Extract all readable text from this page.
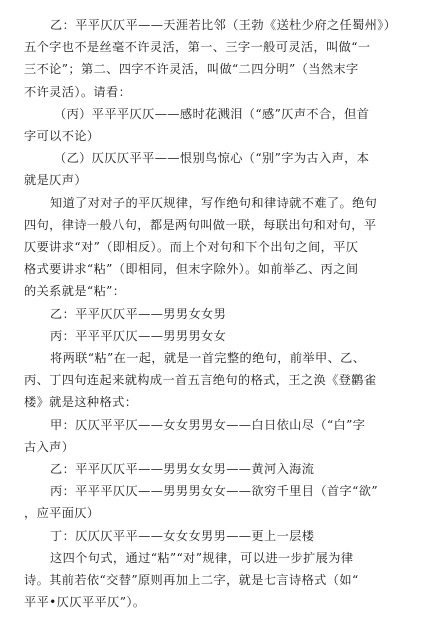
乙：平平仄仄平——天涯若比邻（王勃《送杜少府之任蜀州》）
五个字也不是丝毫不许灵活，第一、三字一般可灵活，叫做“一
三不论”；第二、四字不许灵活，叫做“二四分明”（当然末字
不许灵活）。请看：
（丙）平平平仄仄——感时花溅泪（“感”仄声不合，但首
字可以不论）
（乙）仄仄仄平平——恨别鸟惊心（“别”字为古入声，本
就是仄声）
知道了对对子的平仄规律，写作绝句和律诗就不难了。绝句
四句，律诗一般八句，都是两句叫做一联，每联出句和对句，平
仄要讲求“对”（即相反）。而上个对句和下个出句之间，平仄
格式要讲求“粘”（即相同，但末字除外）。如前举乙、丙之间
的关系就是“粘”：
乙：平平仄仄平——男男女女男
丙：平平平仄仄——男男男女女
将两联“粘”在一起，就是一首完整的绝句，前举甲、乙、
丙、丁四句连起来就构成一首五言绝句的格式，王之涣《登鹳雀
楼》就是这种格式：
甲：仄仄平平仄——女女男男女——白日依山尽（“白”字
古入声）
乙：平平仄仄平——男男女女男——黄河入海流
丙：平平平仄仄——男男男女女——欲穷千里目（首字“欲”
，应平面仄）
丁：仄仄仄平平——女女女男男——更上一层楼
这四个句式，通过“粘”“对”规律，可以进一步扩展为律
诗。其前若依“交替”原则再加上二字，就是七言诗格式（如“
平平•仄仄平平仄”）。
